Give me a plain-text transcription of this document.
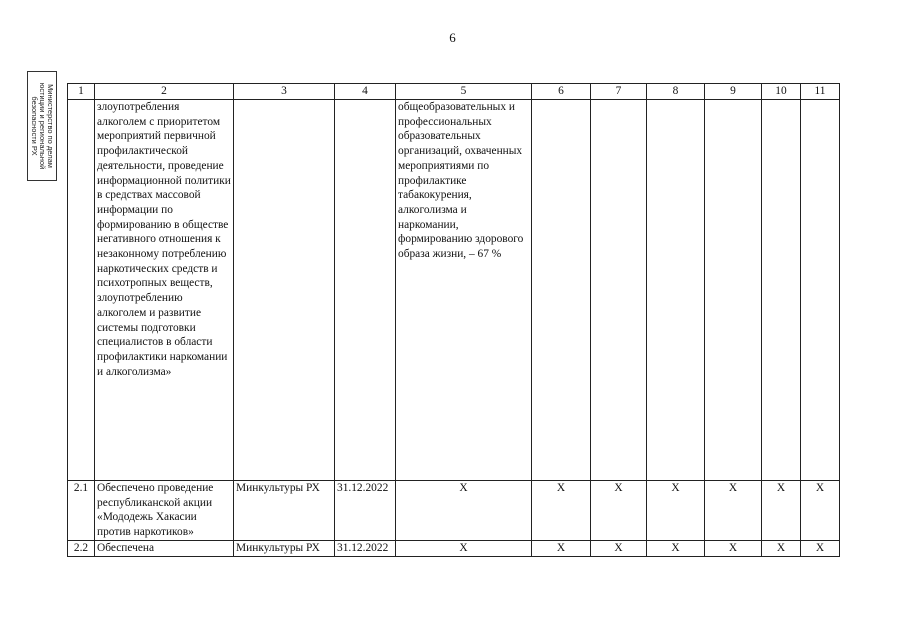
6
Министерство по делам юстиции и региональной безопасности РХ
1	2	3	4	5	6	7	8	9	10	11
	злоупотребления алкоголем с приоритетом мероприятий первичной профилактической деятельности, проведение информационной политики в средствах массовой информации по формированию в обществе негативного отношения к незаконному потреблению наркотических средств и психотропных веществ, злоупотреблению алкоголем и развитие системы подготовки специалистов в области профилактики наркомании и алкоголизма»			общеобразовательных и профессиональных образовательных организаций, охваченных мероприятиями по профилактике табакокурения, алкоголизма и наркомании, формированию здорового образа жизни, – 67 %						
2.1	Обеспечено проведение республиканской акции «Мододежь Хакасии против наркотиков»	Минкультуры РХ	31.12.2022	Х	Х	Х	Х	Х	Х	Х
2.2	Обеспечена	Минкультуры РХ	31.12.2022	Х	Х	Х	Х	Х	Х	Х
